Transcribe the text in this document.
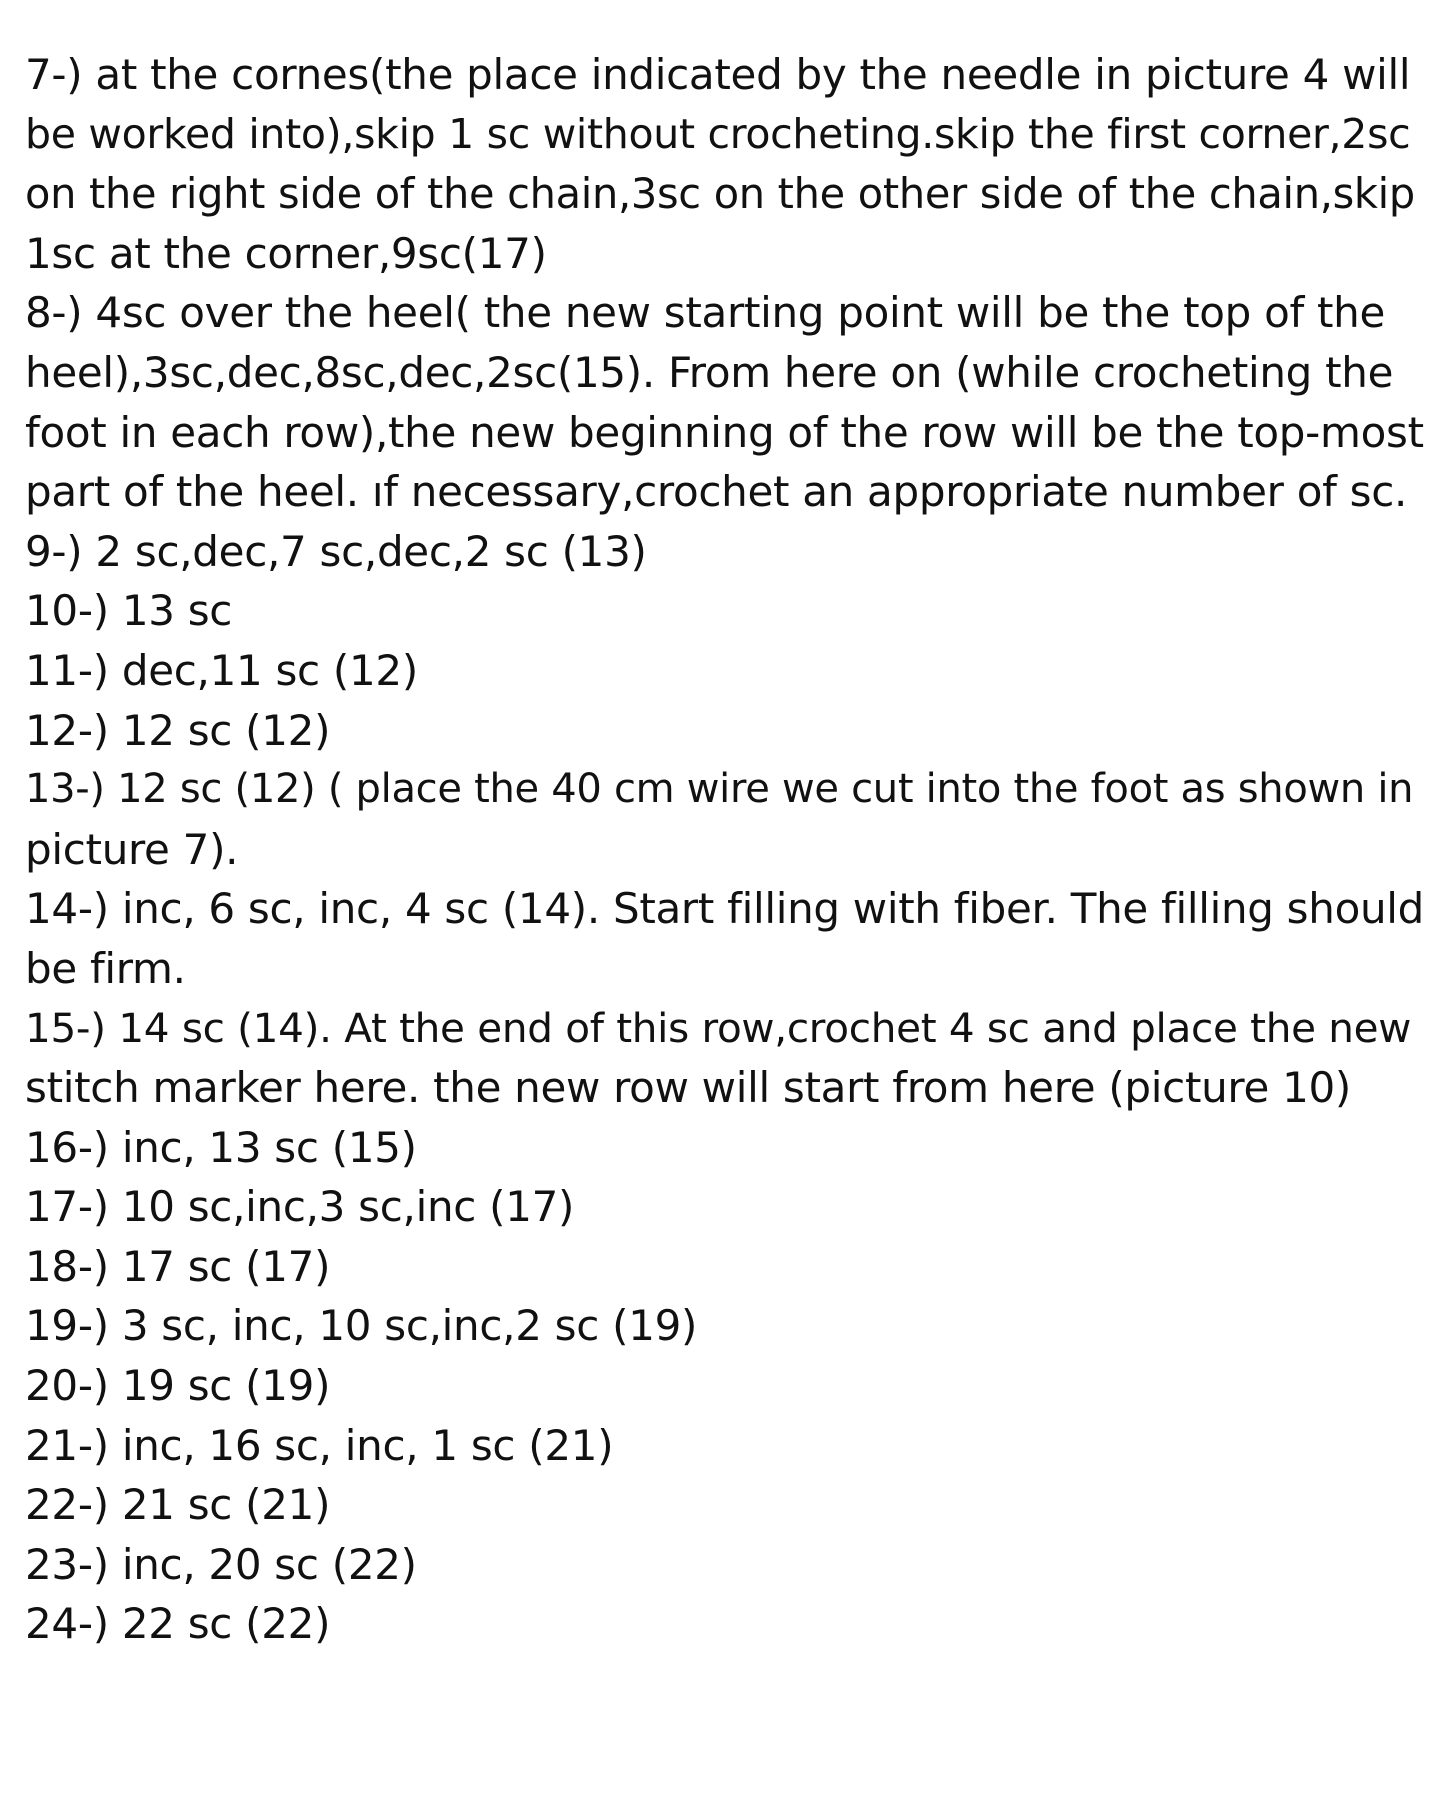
7-) at the cornes(the place indicated by the needle in picture 4 will
be worked into),skip 1 sc without crocheting.skip the first corner,2sc
on the right side of the chain,3sc on the other side of the chain,skip
1sc at the corner,9sc(17)
8-) 4sc over the heel( the new starting point will be the top of the
heel),3sc,dec,8sc,dec,2sc(15). From here on (while crocheting the
foot in each row),the new beginning of the row will be the top-most
part of the heel. ıf necessary,crochet an appropriate number of sc.
9-) 2 sc,dec,7 sc,dec,2 sc (13)
10-) 13 sc
11-) dec,11 sc (12)
12-) 12 sc (12)
13-) 12 sc (12) ( place the 40 cm wire we cut into the foot as shown in
picture 7).
14-) inc, 6 sc, inc, 4 sc (14). Start filling with fiber. The filling should
be firm.
15-) 14 sc (14). At the end of this row,crochet 4 sc and place the new
stitch marker here. the new row will start from here (picture 10)
16-) inc, 13 sc (15)
17-) 10 sc,inc,3 sc,inc (17)
18-) 17 sc (17)
19-) 3 sc, inc, 10 sc,inc,2 sc (19)
20-) 19 sc (19)
21-) inc, 16 sc, inc, 1 sc (21)
22-) 21 sc (21)
23-) inc, 20 sc (22)
24-) 22 sc (22)
